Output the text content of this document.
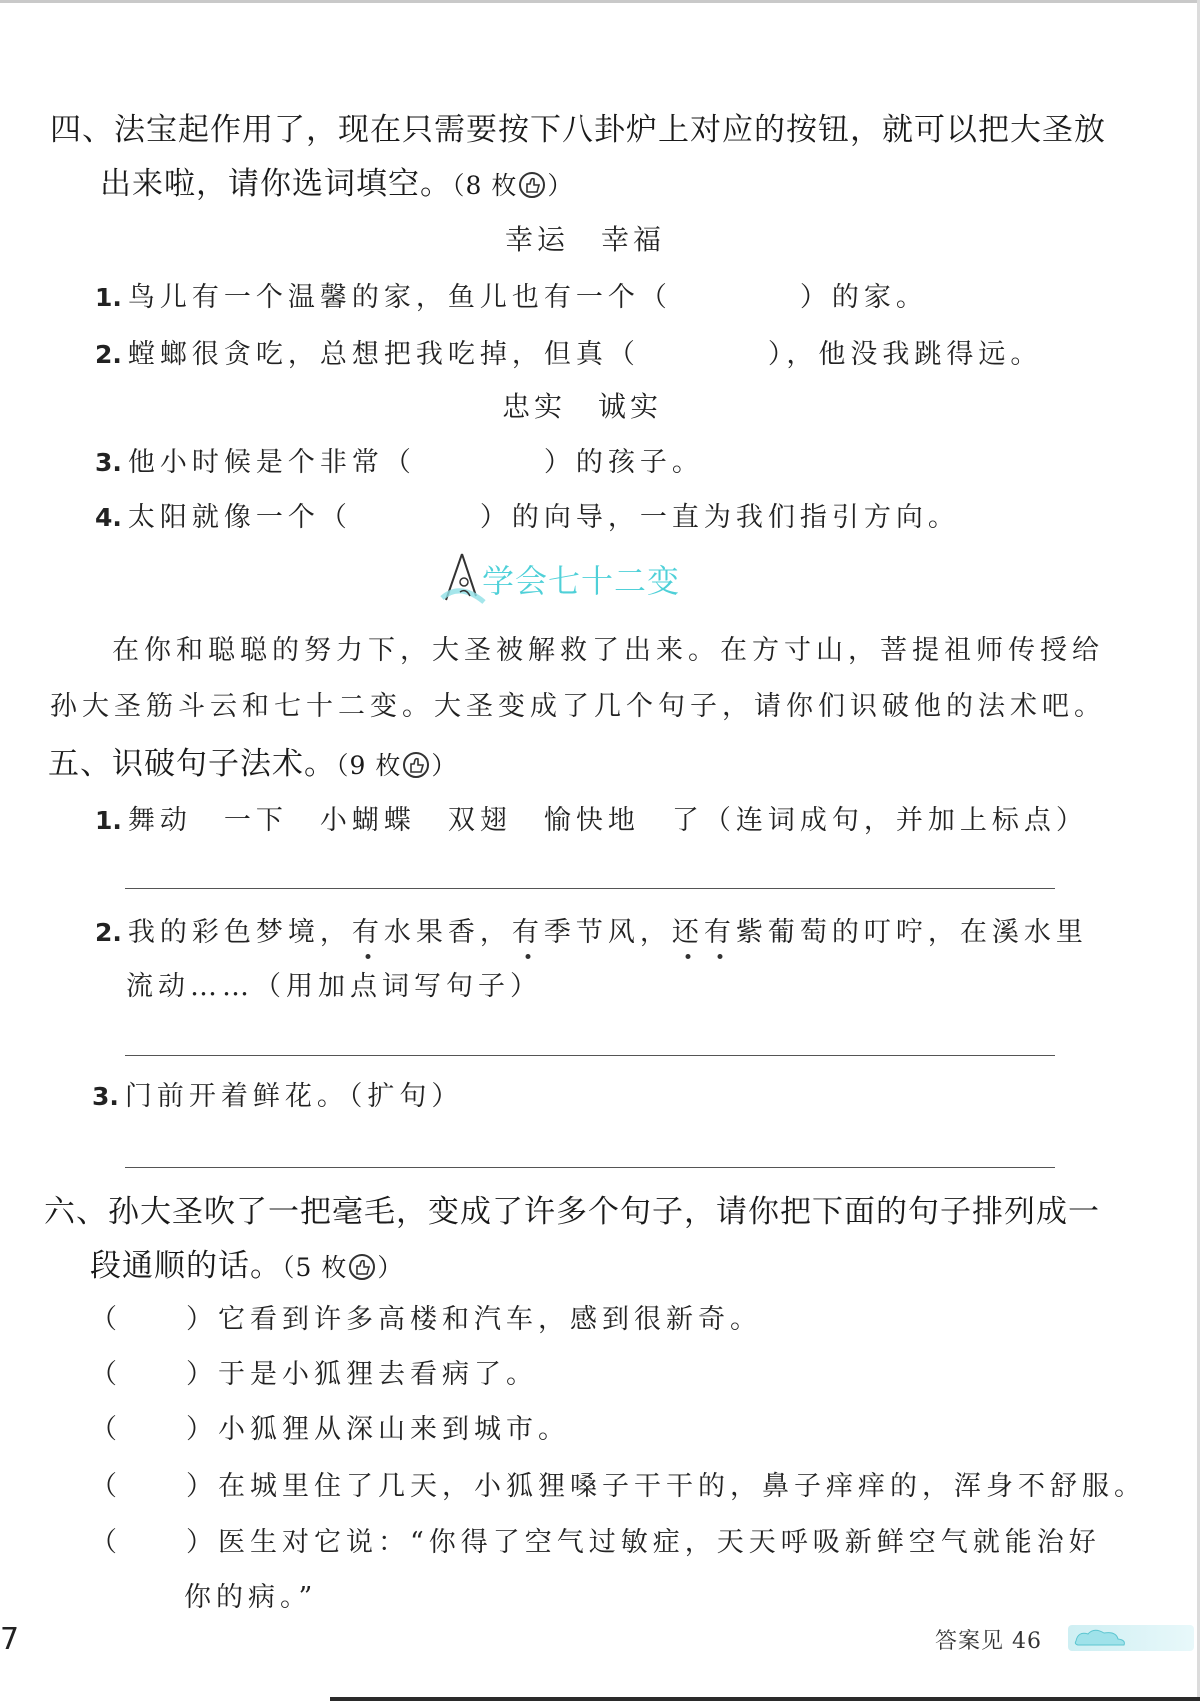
四、法宝起作用了，现在只需要按下八卦炉上对应的按钮，就可以把大圣放
出来啦，请你选词填空。（8 枚 ）
幸运　幸福
1. 鸟儿有一个温馨的家，鱼儿也有一个（　　　　）的家。
2. 螳螂很贪吃，总想把我吃掉，但真（　　　　），他没我跳得远。
忠实　诚实
3. 他小时候是个非常（　　　　）的孩子。
4. 太阳就像一个（　　　　）的向导，一直为我们指引方向。
学会七十二变
在你和聪聪的努力下，大圣被解救了出来。在方寸山，菩提祖师传授给
孙大圣筋斗云和七十二变。大圣变成了几个句子，请你们识破他的法术吧。
五、识破句子法术。（9 枚 ）
1. 舞动　一下　小蝴蝶　双翅　愉快地　了（连词成句，并加上标点）
2. 我的彩色梦境，有水果香，有季节风，还有紫葡萄的叮咛，在溪水里
流动……（用加点词写句子）
3. 门前开着鲜花。（扩句）
六、孙大圣吹了一把毫毛，变成了许多个句子，请你把下面的句子排列成一
段通顺的话。（5 枚 ）
（　　）它看到许多高楼和汽车，感到很新奇。
（　　）于是小狐狸去看病了。
（　　）小狐狸从深山来到城市。
（　　）在城里住了几天，小狐狸嗓子干干的，鼻子痒痒的，浑身不舒服。
（　　）医生对它说：“你得了空气过敏症，天天呼吸新鲜空气就能治好
你的病。”
7	答案见 46
